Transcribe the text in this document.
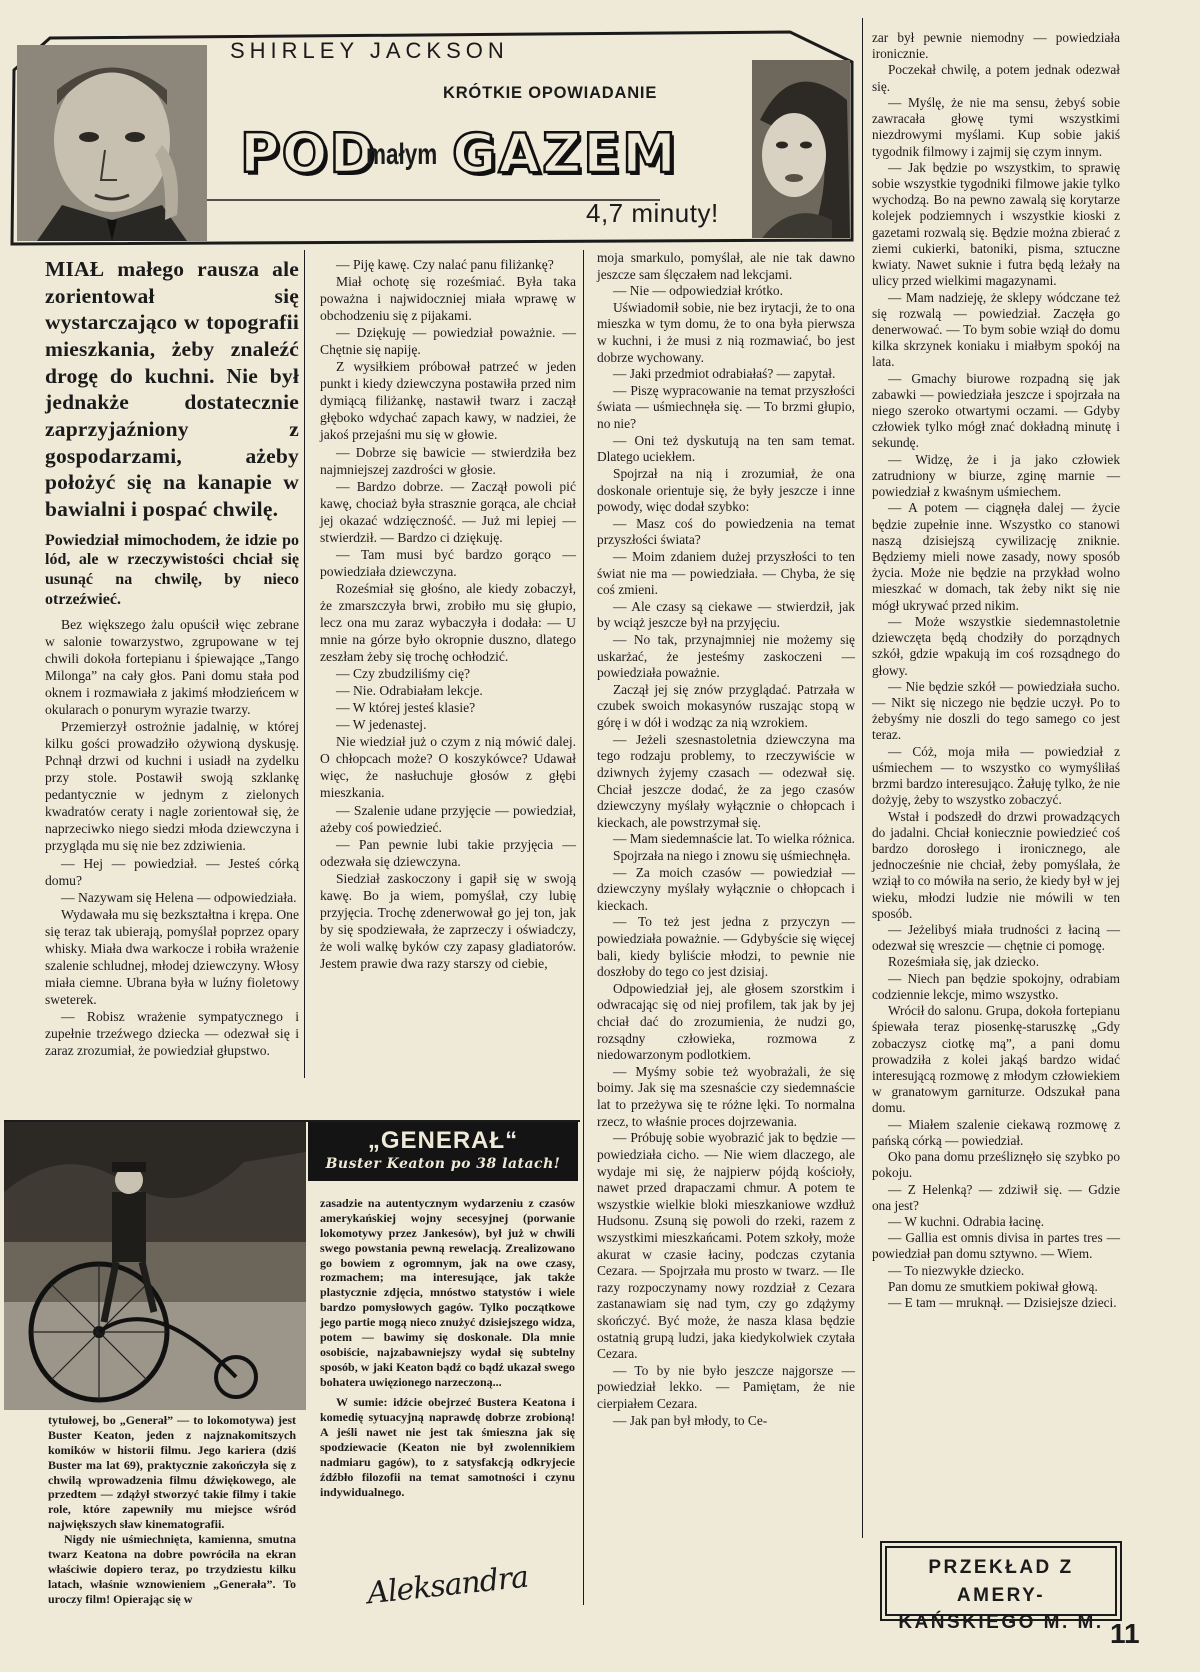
SHIRLEY JACKSON
KRÓTKIE OPOWIADANIE
POD
małym GAZEM
4,7 minuty!

MIAŁ małego rausza ale zorientował się wystarczająco w topografii mieszkania, żeby znaleźć drogę do kuchni. Nie był jednakże dostatecznie zaprzyjaźniony z gospodarzami, ażeby położyć się na kanapie w bawialni i pospać chwilę.

Powiedział mimochodem, że idzie po lód, ale w rzeczywistości chciał się usunąć na chwilę, by nieco otrzeźwieć.

Bez większego żalu opuścił więc zebrane w salonie towarzystwo, zgrupowane w tej chwili dokoła fortepianu i śpiewające „Tango Milonga” na cały głos. Pani domu stała pod oknem i rozmawiała z jakimś młodzieńcem w okularach o ponurym wyrazie twarzy.

Przemierzył ostrożnie jadalnię, w której kilku gości prowadziło ożywioną dyskusję. Pchnął drzwi od kuchni i usiadł na zydelku przy stole. Postawił swoją szklankę pedantycznie w jednym z zielonych kwadratów ceraty i nagle zorientował się, że naprzeciwko niego siedzi młoda dziewczyna i przygląda mu się nie bez zdziwienia.

— Hej — powiedział. — Jesteś córką domu?

— Nazywam się Helena — odpowiedziała.

Wydawała mu się bezkształtna i krępa. One się teraz tak ubierają, pomyślał poprzez opary whisky. Miała dwa warkocze i robiła wrażenie szalenie schludnej, młodej dziewczyny. Włosy miała ciemne. Ubrana była w luźny fioletowy sweterek.

— Robisz wrażenie sympatycznego i zupełnie trzeźwego dziecka — odezwał się i zaraz zrozumiał, że powiedział głupstwo.

— Piję kawę. Czy nalać panu filiżankę?

Miał ochotę się roześmiać. Była taka poważna i najwidoczniej miała wprawę w obchodzeniu się z pijakami.

— Dziękuję — powiedział poważnie. — Chętnie się napiję.

Z wysiłkiem próbował patrzeć w jeden punkt i kiedy dziewczyna postawiła przed nim dymiącą filiżankę, nastawił twarz i zaczął głęboko wdychać zapach kawy, w nadziei, że jakoś przejaśni mu się w głowie.

— Dobrze się bawicie — stwierdziła bez najmniejszej zazdrości w głosie.

— Bardzo dobrze. — Zaczął powoli pić kawę, chociaż była strasznie gorąca, ale chciał jej okazać wdzięczność. — Już mi lepiej — stwierdził. — Bardzo ci dziękuję.

— Tam musi być bardzo gorąco — powiedziała dziewczyna.

Roześmiał się głośno, ale kiedy zobaczył, że zmarszczyła brwi, zrobiło mu się głupio, lecz ona mu zaraz wybaczyła i dodała: — U mnie na górze było okropnie duszno, dlatego zeszłam żeby się trochę ochłodzić.

— Czy zbudziliśmy cię?

— Nie. Odrabiałam lekcje.

— W której jesteś klasie?

— W jedenastej.

Nie wiedział już o czym z nią mówić dalej. O chłopcach może? O koszykówce? Udawał więc, że nasłuchuje głosów z głębi mieszkania.

— Szalenie udane przyjęcie — powiedział, ażeby coś powiedzieć.

— Pan pewnie lubi takie przyjęcia — odezwała się dziewczyna.

Siedział zaskoczony i gapił się w swoją kawę. Bo ja wiem, pomyślał, czy lubię przyjęcia. Trochę zdenerwował go jej ton, jak by się spodziewała, że zaprzeczy i oświadczy, że woli walkę byków czy zapasy gladiatorów. Jestem prawie dwa razy starszy od ciebie,

moja smarkulo, pomyślał, ale nie tak dawno jeszcze sam ślęczałem nad lekcjami.

— Nie — odpowiedział krótko.

Uświadomił sobie, nie bez irytacji, że to ona mieszka w tym domu, że to ona była pierwsza w kuchni, i że musi z nią rozmawiać, bo jest dobrze wychowany.

— Jaki przedmiot odrabiałaś? — zapytał.

— Piszę wypracowanie na temat przyszłości świata — uśmiechnęła się. — To brzmi głupio, no nie?

— Oni też dyskutują na ten sam temat. Dlatego uciekłem.

Spojrzał na nią i zrozumiał, że ona doskonale orientuje się, że były jeszcze i inne powody, więc dodał szybko:

— Masz coś do powiedzenia na temat przyszłości świata?

— Moim zdaniem dużej przyszłości to ten świat nie ma — powiedziała. — Chyba, że się coś zmieni.

— Ale czasy są ciekawe — stwierdził, jak by wciąż jeszcze był na przyjęciu.

— No tak, przynajmniej nie możemy się uskarżać, że jesteśmy zaskoczeni — powiedziała poważnie.

Zaczął jej się znów przyglądać. Patrzała w czubek swoich mokasynów ruszając stopą w górę i w dół i wodząc za nią wzrokiem.

— Jeżeli szesnastoletnia dziewczyna ma tego rodzaju problemy, to rzeczywiście w dziwnych żyjemy czasach — odezwał się. Chciał jeszcze dodać, że za jego czasów dziewczyny myślały wyłącznie o chłopcach i kieckach, ale powstrzymał się.

— Mam siedemnaście lat. To wielka różnica.

Spojrzała na niego i znowu się uśmiechnęła.

— Za moich czasów — powiedział — dziewczyny myślały wyłącznie o chłopcach i kieckach.

— To też jest jedna z przyczyn — powiedziała poważnie. — Gdybyście się więcej bali, kiedy byliście młodzi, to pewnie nie doszłoby do tego co jest dzisiaj.

Odpowiedział jej, ale głosem szorstkim i odwracając się od niej profilem, tak jak by jej chciał dać do zrozumienia, że nudzi go, rozsądny człowieka, rozmowa z niedowarzonym podlotkiem.

— Myśmy sobie też wyobrażali, że się boimy. Jak się ma szesnaście czy siedemnaście lat to przeżywa się te różne lęki. To normalna rzecz, to właśnie proces dojrzewania.

— Próbuję sobie wyobrazić jak to będzie — powiedziała cicho. — Nie wiem dlaczego, ale wydaje mi się, że najpierw pójdą kościoły, nawet przed drapaczami chmur. A potem te wszystkie wielkie bloki mieszkaniowe wzdłuż Hudsonu. Zsuną się powoli do rzeki, razem z wszystkimi mieszkańcami. Potem szkoły, może akurat w czasie łaciny, podczas czytania Cezara. — Spojrzała mu prosto w twarz. — Ile razy rozpoczynamy nowy rozdział z Cezara zastanawiam się nad tym, czy go zdążymy skończyć. Być może, że nasza klasa będzie ostatnią grupą ludzi, jaka kiedykolwiek czytała Cezara.

— To by nie było jeszcze najgorsze — powiedział lekko. — Pamiętam, że nie cierpiałem Cezara.

— Jak pan był młody, to Ce-

zar był pewnie niemodny — powiedziała ironicznie.

Poczekał chwilę, a potem jednak odezwał się.

— Myślę, że nie ma sensu, żebyś sobie zawracała głowę tymi wszystkimi niezdrowymi myślami. Kup sobie jakiś tygodnik filmowy i zajmij się czym innym.

— Jak będzie po wszystkim, to sprawię sobie wszystkie tygodniki filmowe jakie tylko wychodzą. Bo na pewno zawalą się korytarze kolejek podziemnych i wszystkie kioski z gazetami rozwalą się. Będzie można zbierać z ziemi cukierki, batoniki, pisma, sztuczne kwiaty. Nawet suknie i futra będą leżały na ulicy przed wielkimi magazynami.

— Mam nadzieję, że sklepy wódczane też się rozwalą — powiedział. Zaczęła go denerwować. — To bym sobie wziął do domu kilka skrzynek koniaku i miałbym spokój na lata.

— Gmachy biurowe rozpadną się jak zabawki — powiedziała jeszcze i spojrzała na niego szeroko otwartymi oczami. — Gdyby człowiek tylko mógł znać dokładną minutę i sekundę.

— Widzę, że i ja jako człowiek zatrudniony w biurze, zginę marnie — powiedział z kwaśnym uśmiechem.

— A potem — ciągnęła dalej — życie będzie zupełnie inne. Wszystko co stanowi naszą dzisiejszą cywilizację zniknie. Będziemy mieli nowe zasady, nowy sposób życia. Może nie będzie na przykład wolno mieszkać w domach, tak żeby nikt się nie mógł ukrywać przed nikim.

— Może wszystkie siedemnastoletnie dziewczęta będą chodziły do porządnych szkół, gdzie wpakują im coś rozsądnego do głowy.

— Nie będzie szkół — powiedziała sucho. — Nikt się niczego nie będzie uczył. Po to żebyśmy nie doszli do tego samego co jest teraz.

— Cóż, moja miła — powiedział z uśmiechem — to wszystko co wymyśliłaś brzmi bardzo interesująco. Żałuję tylko, że nie dożyję, żeby to wszystko zobaczyć.

Wstał i podszedł do drzwi prowadzących do jadalni. Chciał koniecznie powiedzieć coś bardzo dorosłego i ironicznego, ale jednocześnie nie chciał, żeby pomyślała, że wziął to co mówiła na serio, że kiedy był w jej wieku, młodzi ludzie nie mówili w ten sposób.

— Jeżelibyś miała trudności z łaciną — odezwał się wreszcie — chętnie ci pomogę.

Roześmiała się, jak dziecko.

— Niech pan będzie spokojny, odrabiam codziennie lekcje, mimo wszystko.

Wrócił do salonu. Grupa, dokoła fortepianu śpiewała teraz piosenkę-staruszkę „Gdy zobaczysz ciotkę mą”, a pani domu prowadziła z kolei jakąś bardzo widać interesującą rozmowę z młodym człowiekiem w granatowym garniturze. Odszukał pana domu.

— Miałem szalenie ciekawą rozmowę z pańską córką — powiedział.

Oko pana domu prześliznęło się szybko po pokoju.

— Z Helenką? — zdziwił się. — Gdzie ona jest?

— W kuchni. Odrabia łacinę.

— Gallia est omnis divisa in partes tres — powiedział pan domu sztywno. — Wiem.

— To niezwykłe dziecko.

Pan domu ze smutkiem pokiwał głową.

— E tam — mruknął. — Dzisiejsze dzieci.

PRZEKŁAD Z AMERY-
KAŃSKIEGO M. M. 11
„GENERAŁ“
Buster Keaton po 38 latach!

tytułowej, bo „Generał” — to lokomotywa) jest Buster Keaton, jeden z najznakomitszych komików w historii filmu. Jego kariera (dziś Buster ma lat 69), praktycznie zakończyła się z chwilą wprowadzenia filmu dźwiękowego, ale przedtem — zdążył stworzyć takie filmy i takie role, które zapewniły mu miejsce wśród największych sław kinematografii.

Nigdy nie uśmiechnięta, kamienna, smutna twarz Keatona na dobre powróciła na ekran właściwie dopiero teraz, po trzydziestu kilku latach, właśnie wznowieniem „Generała”. To uroczy film! Opierając się w

zasadzie na autentycznym wydarzeniu z czasów amerykańskiej wojny secesyjnej (porwanie lokomotywy przez Jankesów), był już w chwili swego powstania pewną rewelacją. Zrealizowano go bowiem z ogromnym, jak na owe czasy, rozmachem; ma interesujące, jak także plastycznie zdjęcia, mnóstwo statystów i wiele bardzo pomysłowych gagów. Tylko początkowe jego partie mogą nieco znużyć dzisiejszego widza, potem — bawimy się doskonale. Dla mnie osobiście, najzabawniejszy wydał się subtelny sposób, w jaki Keaton bądź co bądź ukazał swego bohatera uwięzionego narzeczoną...

W sumie: idźcie obejrzeć Bustera Keatona i komedię sytuacyjną naprawdę dobrze zrobioną! A jeśli nawet nie jest tak śmieszna jak się spodziewacie (Keaton nie był zwolennikiem nadmiaru gagów), to z satysfakcją odkryjecie źdźbło filozofii na temat samotności i czynu indywidualnego.

Aleksandra
